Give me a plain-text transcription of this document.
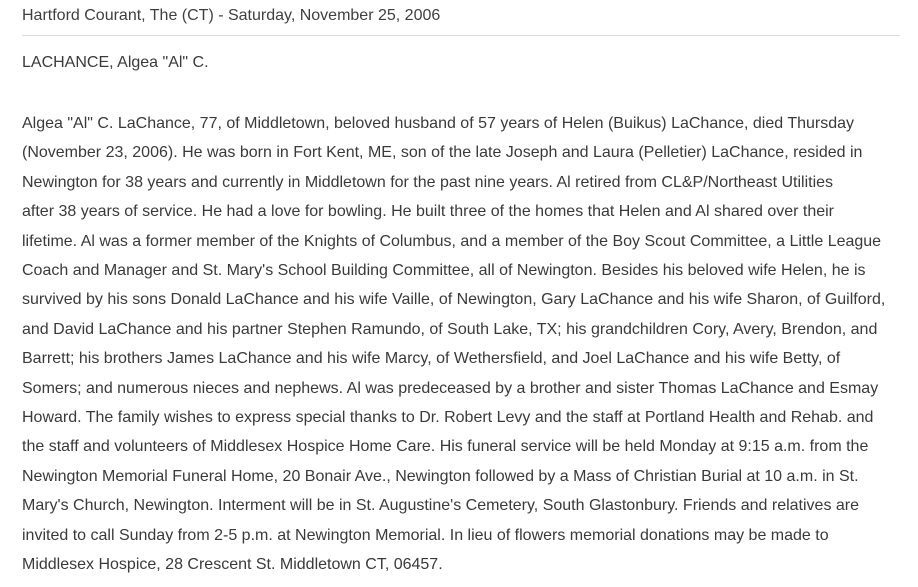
Hartford Courant, The (CT) - Saturday, November 25, 2006
LACHANCE, Algea "Al" C.
Algea "Al" C. LaChance, 77, of Middletown, beloved husband of 57 years of Helen (Buikus) LaChance, died Thursday
(November 23, 2006). He was born in Fort Kent, ME, son of the late Joseph and Laura (Pelletier) LaChance, resided in
Newington for 38 years and currently in Middletown for the past nine years. Al retired from CL&P/Northeast Utilities
after 38 years of service. He had a love for bowling. He built three of the homes that Helen and Al shared over their
lifetime. Al was a former member of the Knights of Columbus, and a member of the Boy Scout Committee, a Little League
Coach and Manager and St. Mary's School Building Committee, all of Newington. Besides his beloved wife Helen, he is
survived by his sons Donald LaChance and his wife Vaille, of Newington, Gary LaChance and his wife Sharon, of Guilford,
and David LaChance and his partner Stephen Ramundo, of South Lake, TX; his grandchildren Cory, Avery, Brendon, and
Barrett; his brothers James LaChance and his wife Marcy, of Wethersfield, and Joel LaChance and his wife Betty, of
Somers; and numerous nieces and nephews. Al was predeceased by a brother and sister Thomas LaChance and Esmay
Howard. The family wishes to express special thanks to Dr. Robert Levy and the staff at Portland Health and Rehab. and
the staff and volunteers of Middlesex Hospice Home Care. His funeral service will be held Monday at 9:15 a.m. from the
Newington Memorial Funeral Home, 20 Bonair Ave., Newington followed by a Mass of Christian Burial at 10 a.m. in St.
Mary's Church, Newington. Interment will be in St. Augustine's Cemetery, South Glastonbury. Friends and relatives are
invited to call Sunday from 2-5 p.m. at Newington Memorial. In lieu of flowers memorial donations may be made to
Middlesex Hospice, 28 Crescent St. Middletown CT, 06457.
